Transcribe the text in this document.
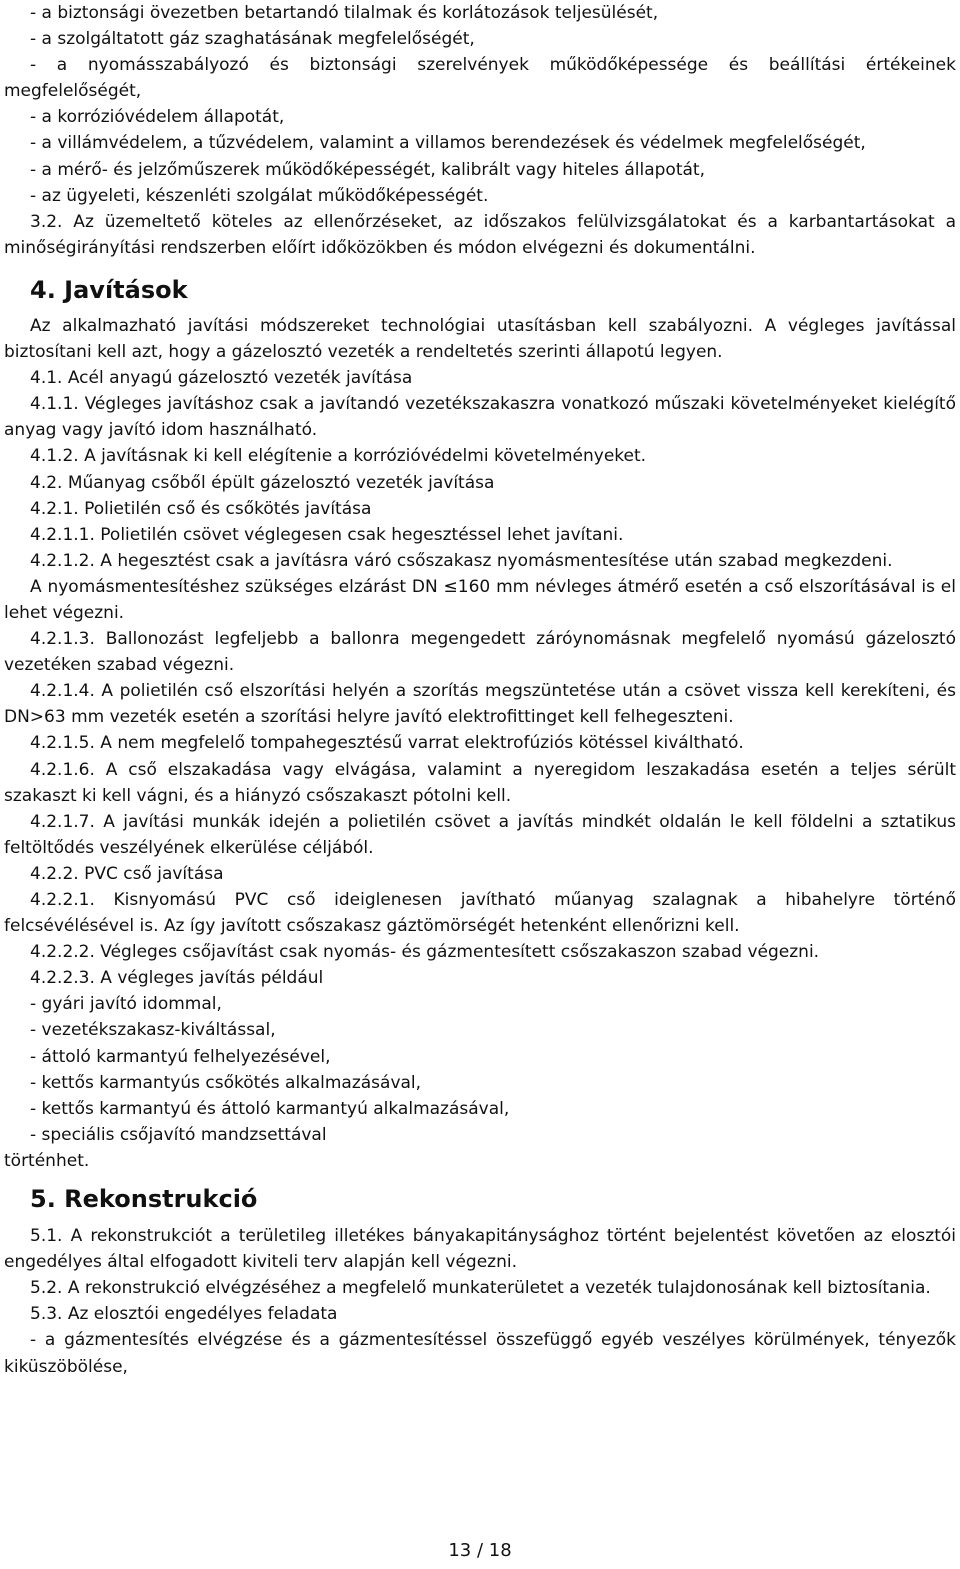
- a biztonsági övezetben betartandó tilalmak és korlátozások teljesülését,

- a szolgáltatott gáz szaghatásának megfelelőségét,

- a nyomásszabályozó és biztonsági szerelvények működőképessége és beállítási értékeinek megfelelőségét,

- a korrózióvédelem állapotát,

- a villámvédelem, a tűzvédelem, valamint a villamos berendezések és védelmek megfelelőségét,

- a mérő- és jelzőműszerek működőképességét, kalibrált vagy hiteles állapotát,

- az ügyeleti, készenléti szolgálat működőképességét.

3.2. Az üzemeltető köteles az ellenőrzéseket, az időszakos felülvizsgálatokat és a karbantartásokat a minőségirányítási rendszerben előírt időközökben és módon elvégezni és dokumentálni.

4. Javítások

Az alkalmazható javítási módszereket technológiai utasításban kell szabályozni. A végleges javítással biztosítani kell azt, hogy a gázelosztó vezeték a rendeltetés szerinti állapotú legyen.

4.1. Acél anyagú gázelosztó vezeték javítása

4.1.1. Végleges javításhoz csak a javítandó vezetékszakaszra vonatkozó műszaki követelményeket kielégítő anyag vagy javító idom használható.

4.1.2. A javításnak ki kell elégítenie a korrózióvédelmi követelményeket.

4.2. Műanyag csőből épült gázelosztó vezeték javítása

4.2.1. Polietilén cső és csőkötés javítása

4.2.1.1. Polietilén csövet véglegesen csak hegesztéssel lehet javítani.

4.2.1.2. A hegesztést csak a javításra váró csőszakasz nyomásmentesítése után szabad megkezdeni.

A nyomásmentesítéshez szükséges elzárást DN ≤160 mm névleges átmérő esetén a cső elszorításával is el lehet végezni.

4.2.1.3. Ballonozást legfeljebb a ballonra megengedett záróynomásnak megfelelő nyomású gázelosztó vezetéken szabad végezni.

4.2.1.4. A polietilén cső elszorítási helyén a szorítás megszüntetése után a csövet vissza kell kerekíteni, és DN>63 mm vezeték esetén a szorítási helyre javító elektrofittinget kell felhegeszteni.

4.2.1.5. A nem megfelelő tompahegesztésű varrat elektrofúziós kötéssel kiválthatό.

4.2.1.6. A cső elszakadása vagy elvágása, valamint a nyeregidom leszakadása esetén a teljes sérült szakaszt ki kell vágni, és a hiányzó csőszakaszt pótolni kell.

4.2.1.7. A javítási munkák idején a polietilén csövet a javítás mindkét oldalán le kell földelni a sztatikus feltöltődés veszélyének elkerülése céljából.

4.2.2. PVC cső javítása

4.2.2.1. Kisnyomású PVC cső ideiglenesen javítható műanyag szalagnak a hibahelyre történő felcsévélésével is. Az így javított csőszakasz gáztömörségét hetenként ellenőrizni kell.

4.2.2.2. Végleges csőjavítást csak nyomás- és gázmentesített csőszakaszon szabad végezni.

4.2.2.3. A végleges javítás például

- gyári javító idommal,

- vezetékszakasz-kiváltással,

- áttoló karmantyú felhelyezésével,

- kettős karmantyús csőkötés alkalmazásával,

- kettős karmantyú és áttoló karmantyú alkalmazásával,

- speciális csőjavító mandzsettával

történhet.

5. Rekonstrukció

5.1. A rekonstrukciót a területileg illetékes bányakapitánysághoz történt bejelentést követően az elosztói engedélyes által elfogadott kiviteli terv alapján kell végezni.

5.2. A rekonstrukció elvégzéséhez a megfelelő munkaterületet a vezeték tulajdonosának kell biztosítania.

5.3. Az elosztói engedélyes feladata

- a gázmentesítés elvégzése és a gázmentesítéssel összefüggő egyéb veszélyes körülmények, tényezők kiküszöbölése,

13 / 18
